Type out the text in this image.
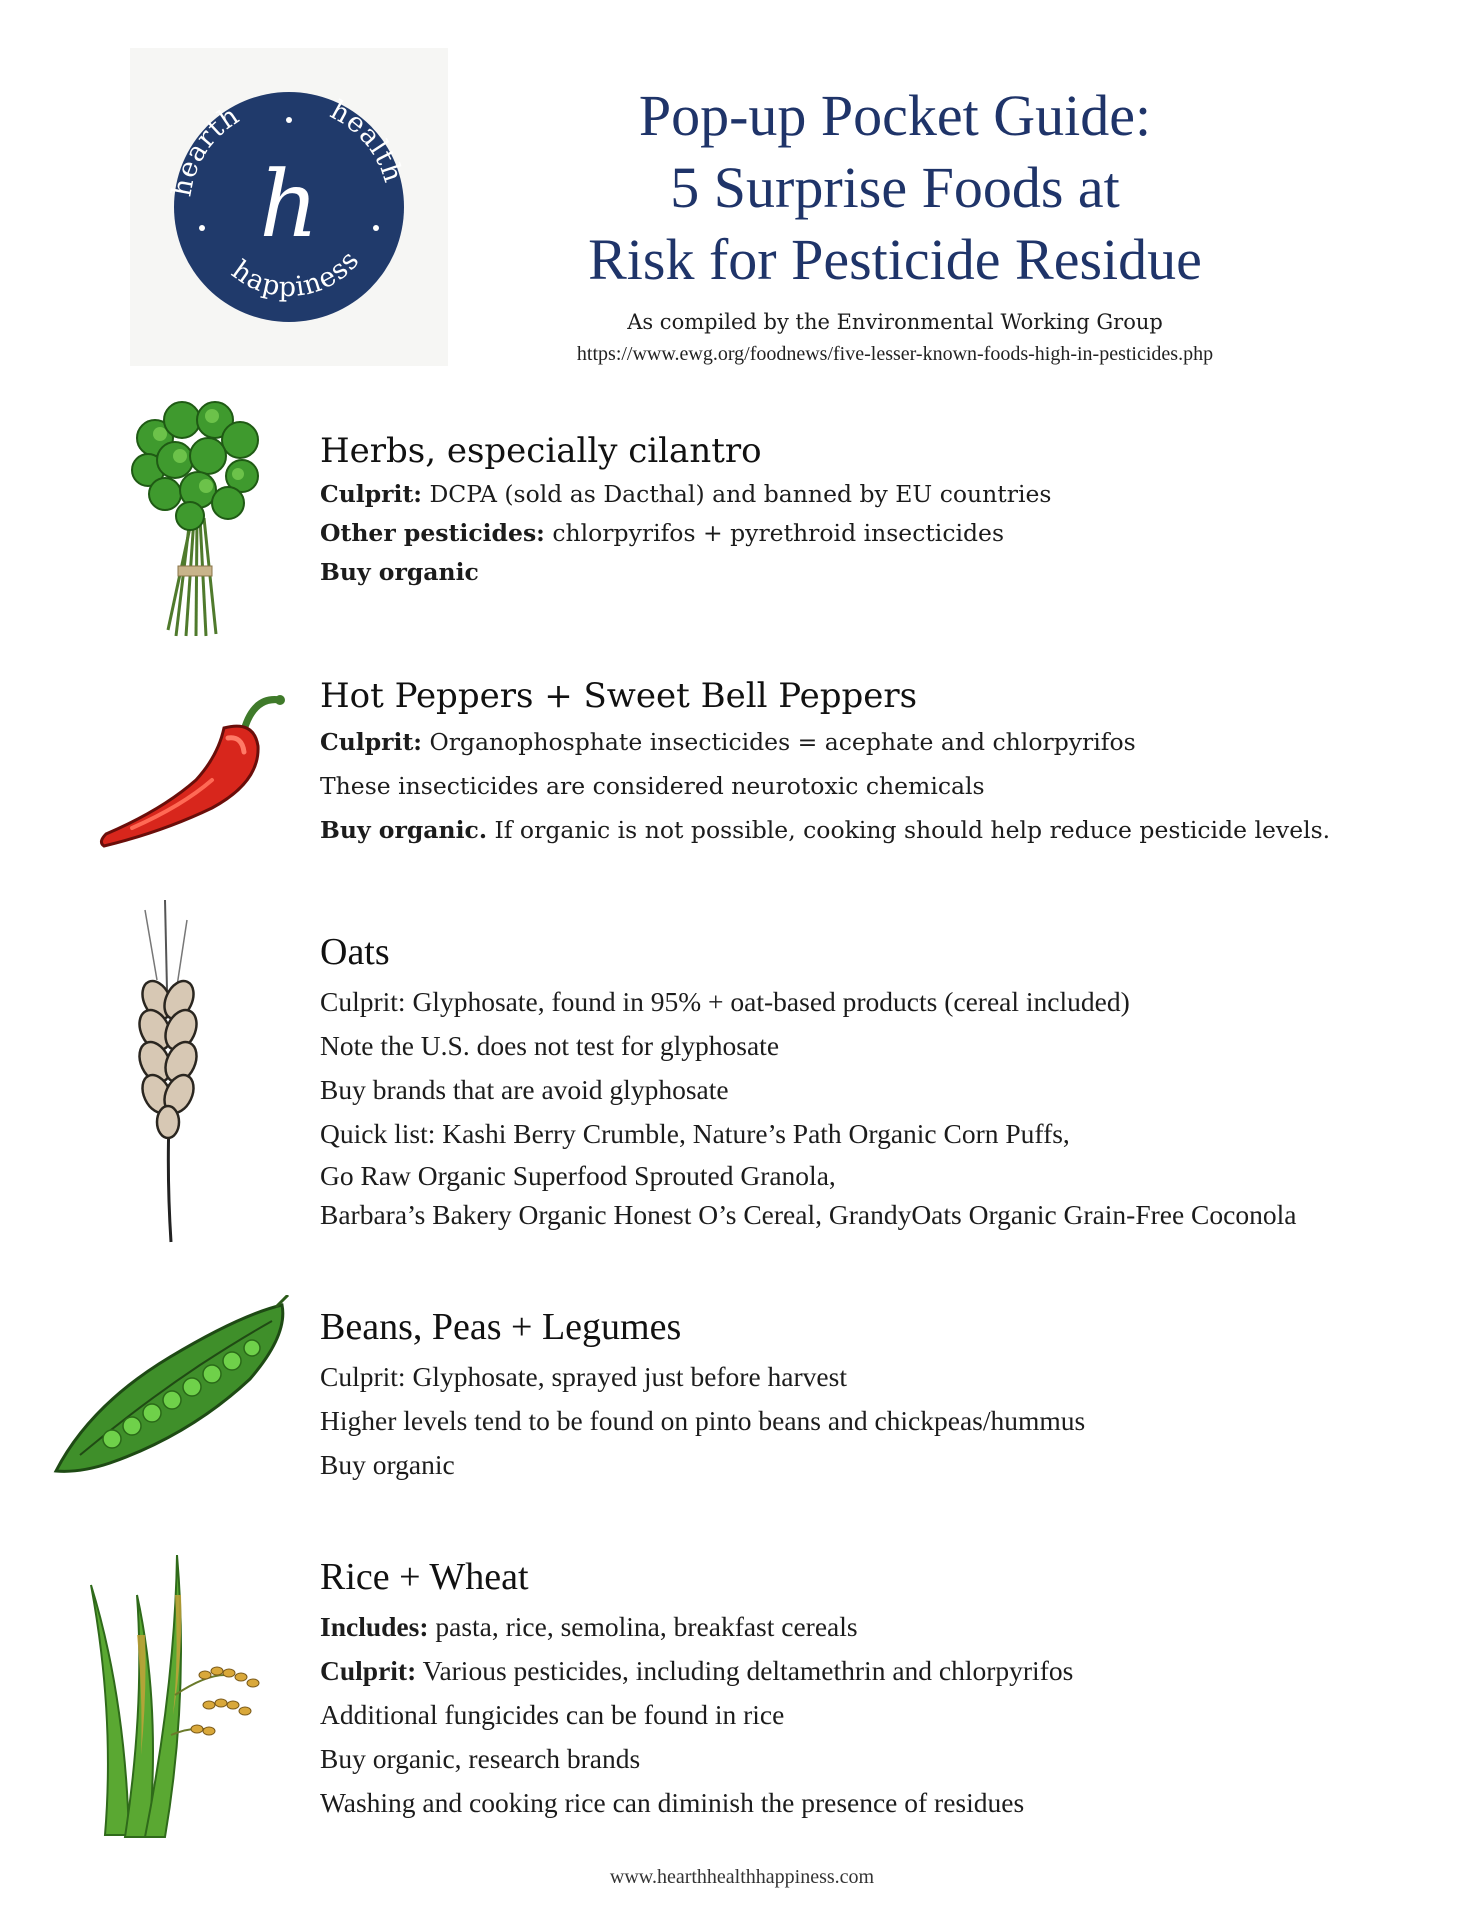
hearth	health
happiness
h
Pop-up Pocket Guide:
5 Surprise Foods at
Risk for Pesticide Residue
As compiled by the Environmental Working Group
https://www.ewg.org/foodnews/five-lesser-known-foods-high-in-pesticides.php
Herbs, especially cilantro
Culprit: DCPA (sold as Dacthal) and banned by EU countries
Other pesticides: chlorpyrifos + pyrethroid insecticides
Buy organic
Hot Peppers + Sweet Bell Peppers
Culprit: Organophosphate insecticides = acephate and chlorpyrifos
These insecticides are considered neurotoxic chemicals
Buy organic. If organic is not possible, cooking should help reduce pesticide levels.
Oats
Culprit: Glyphosate, found in 95% + oat-based products (cereal included)
Note the U.S. does not test for glyphosate
Buy brands that are avoid glyphosate
Quick list: Kashi Berry Crumble, Nature’s Path Organic Corn Puffs,
Go Raw Organic Superfood Sprouted Granola,
Barbara’s Bakery Organic Honest O’s Cereal, GrandyOats Organic Grain-Free Coconola
Beans, Peas + Legumes
Culprit: Glyphosate, sprayed just before harvest
Higher levels tend to be found on pinto beans and chickpeas/hummus
Buy organic
Rice + Wheat
Includes: pasta, rice, semolina, breakfast cereals
Culprit: Various pesticides, including deltamethrin and chlorpyrifos
Additional fungicides can be found in rice
Buy organic, research brands
Washing and cooking rice can diminish the presence of residues
www.hearthhealthhappiness.com
